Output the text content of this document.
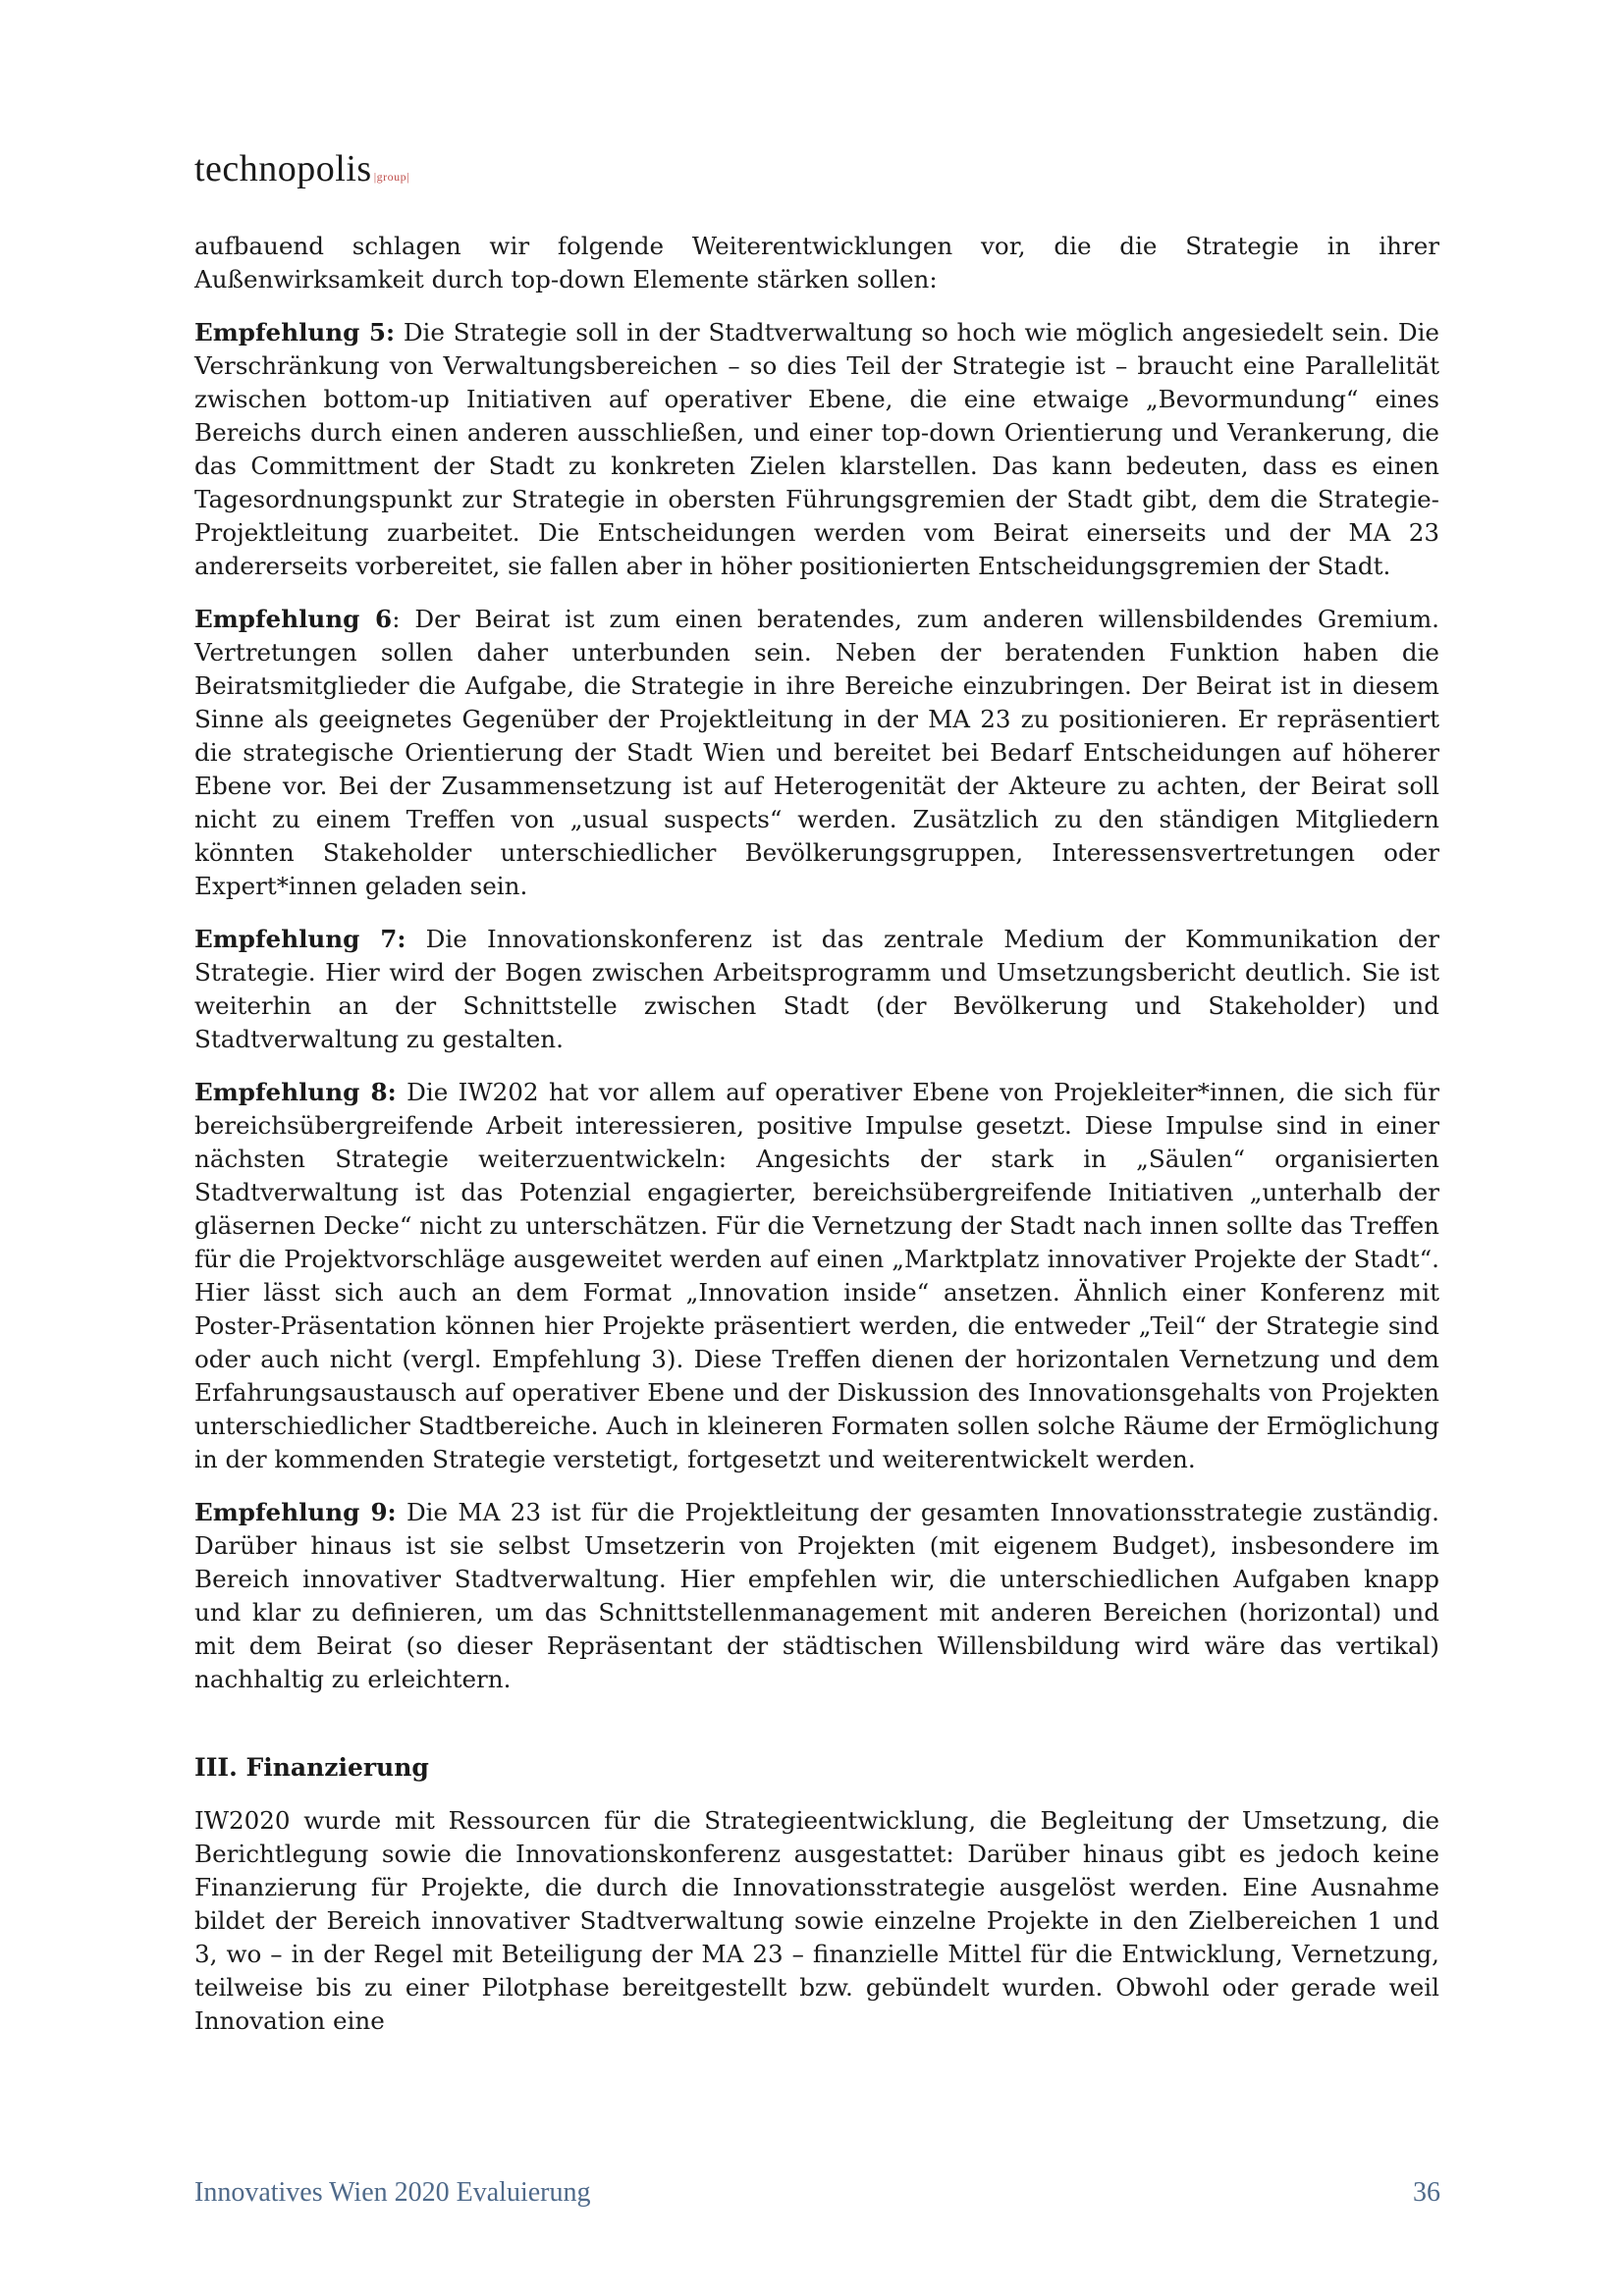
technopolis |group|

aufbauend schlagen wir folgende Weiterentwicklungen vor, die die Strategie in ihrer Außenwirksamkeit durch top-down Elemente stärken sollen:

Empfehlung 5: Die Strategie soll in der Stadtverwaltung so hoch wie möglich angesiedelt sein. Die Verschränkung von Verwaltungsbereichen – so dies Teil der Strategie ist – braucht eine Parallelität zwischen bottom-up Initiativen auf operativer Ebene, die eine etwaige „Bevormundung“ eines Bereichs durch einen anderen ausschließen, und einer top-down Orientierung und Verankerung, die das Committment der Stadt zu konkreten Zielen klarstellen. Das kann bedeuten, dass es einen Tagesordnungspunkt zur Strategie in obersten Führungsgremien der Stadt gibt, dem die Strategie-Projektleitung zuarbeitet. Die Entscheidungen werden vom Beirat einerseits und der MA 23 andererseits vorbereitet, sie fallen aber in höher positionierten Entscheidungsgremien der Stadt.

Empfehlung 6: Der Beirat ist zum einen beratendes, zum anderen willensbildendes Gremium. Vertretungen sollen daher unterbunden sein. Neben der beratenden Funktion haben die Beiratsmitglieder die Aufgabe, die Strategie in ihre Bereiche einzubringen. Der Beirat ist in diesem Sinne als geeignetes Gegenüber der Projektleitung in der MA 23 zu positionieren. Er repräsentiert die strategische Orientierung der Stadt Wien und bereitet bei Bedarf Entscheidungen auf höherer Ebene vor. Bei der Zusammensetzung ist auf Heterogenität der Akteure zu achten, der Beirat soll nicht zu einem Treffen von „usual suspects“ werden. Zusätzlich zu den ständigen Mitgliedern könnten Stakeholder unterschiedlicher Bevölkerungsgruppen, Interessensvertretungen oder Expert*innen geladen sein.

Empfehlung 7: Die Innovationskonferenz ist das zentrale Medium der Kommunikation der Strategie. Hier wird der Bogen zwischen Arbeitsprogramm und Umsetzungsbericht deutlich. Sie ist weiterhin an der Schnittstelle zwischen Stadt (der Bevölkerung und Stakeholder) und Stadtverwaltung zu gestalten.

Empfehlung 8: Die IW202 hat vor allem auf operativer Ebene von Projekleiter*innen, die sich für bereichsübergreifende Arbeit interessieren, positive Impulse gesetzt. Diese Impulse sind in einer nächsten Strategie weiterzuentwickeln: Angesichts der stark in „Säulen“ organisierten Stadtverwaltung ist das Potenzial engagierter, bereichsübergreifende Initiativen „unterhalb der gläsernen Decke“ nicht zu unterschätzen. Für die Vernetzung der Stadt nach innen sollte das Treffen für die Projektvorschläge ausgeweitet werden auf einen „Marktplatz innovativer Projekte der Stadt“. Hier lässt sich auch an dem Format „Innovation inside“ ansetzen. Ähnlich einer Konferenz mit Poster-Präsentation können hier Projekte präsentiert werden, die entweder „Teil“ der Strategie sind oder auch nicht (vergl. Empfehlung 3). Diese Treffen dienen der horizontalen Vernetzung und dem Erfahrungsaustausch auf operativer Ebene und der Diskussion des Innovationsgehalts von Projekten unterschiedlicher Stadtbereiche. Auch in kleineren Formaten sollen solche Räume der Ermöglichung in der kommenden Strategie verstetigt, fortgesetzt und weiterentwickelt werden.

Empfehlung 9: Die MA 23 ist für die Projektleitung der gesamten Innovationsstrategie zuständig. Darüber hinaus ist sie selbst Umsetzerin von Projekten (mit eigenem Budget), insbesondere im Bereich innovativer Stadtverwaltung. Hier empfehlen wir, die unterschiedlichen Aufgaben knapp und klar zu definieren, um das Schnittstellenmanagement mit anderen Bereichen (horizontal) und mit dem Beirat (so dieser Repräsentant der städtischen Willensbildung wird wäre das vertikal) nachhaltig zu erleichtern.

III. Finanzierung

IW2020 wurde mit Ressourcen für die Strategieentwicklung, die Begleitung der Umsetzung, die Berichtlegung sowie die Innovationskonferenz ausgestattet: Darüber hinaus gibt es jedoch keine Finanzierung für Projekte, die durch die Innovationsstrategie ausgelöst werden. Eine Ausnahme bildet der Bereich innovativer Stadtverwaltung sowie einzelne Projekte in den Zielbereichen 1 und 3, wo – in der Regel mit Beteiligung der MA 23 – finanzielle Mittel für die Entwicklung, Vernetzung, teilweise bis zu einer Pilotphase bereitgestellt bzw. gebündelt wurden. Obwohl oder gerade weil Innovation eine

Innovatives Wien 2020 Evaluierung	36
